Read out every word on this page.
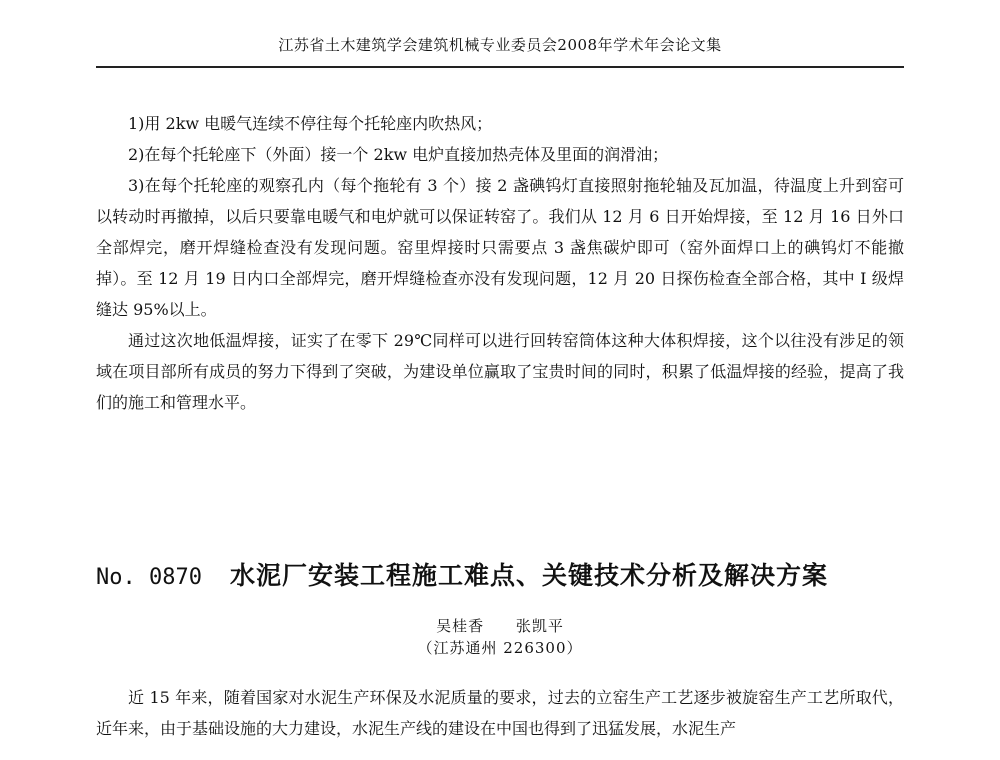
江苏省土木建筑学会建筑机械专业委员会2008年学术年会论文集

1)用 2kw 电暖气连续不停往每个托轮座内吹热风；

2)在每个托轮座下（外面）接一个 2kw 电炉直接加热壳体及里面的润滑油；

3)在每个托轮座的观察孔内（每个拖轮有 3 个）接 2 盏碘钨灯直接照射拖轮轴及瓦加温，待温度上升到窑可以转动时再撤掉，以后只要靠电暖气和电炉就可以保证转窑了。我们从 12 月 6 日开始焊接，至 12 月 16 日外口全部焊完，磨开焊缝检查没有发现问题。窑里焊接时只需要点 3 盏焦碳炉即可（窑外面焊口上的碘钨灯不能撤掉）。至 12 月 19 日内口全部焊完，磨开焊缝检查亦没有发现问题，12 月 20 日探伤检查全部合格，其中 I 级焊缝达 95%以上。

通过这次地低温焊接，证实了在零下 29℃同样可以进行回转窑筒体这种大体积焊接，这个以往没有涉足的领域在项目部所有成员的努力下得到了突破，为建设单位赢取了宝贵时间的同时，积累了低温焊接的经验，提高了我们的施工和管理水平。

No. 0870 水泥厂安装工程施工难点、关键技术分析及解决方案
吴桂香 张凯平
（江苏通州 226300）

近 15 年来，随着国家对水泥生产环保及水泥质量的要求，过去的立窑生产工艺逐步被旋窑生产工艺所取代，近年来，由于基础设施的大力建设，水泥生产线的建设在中国也得到了迅猛发展，水泥生产
